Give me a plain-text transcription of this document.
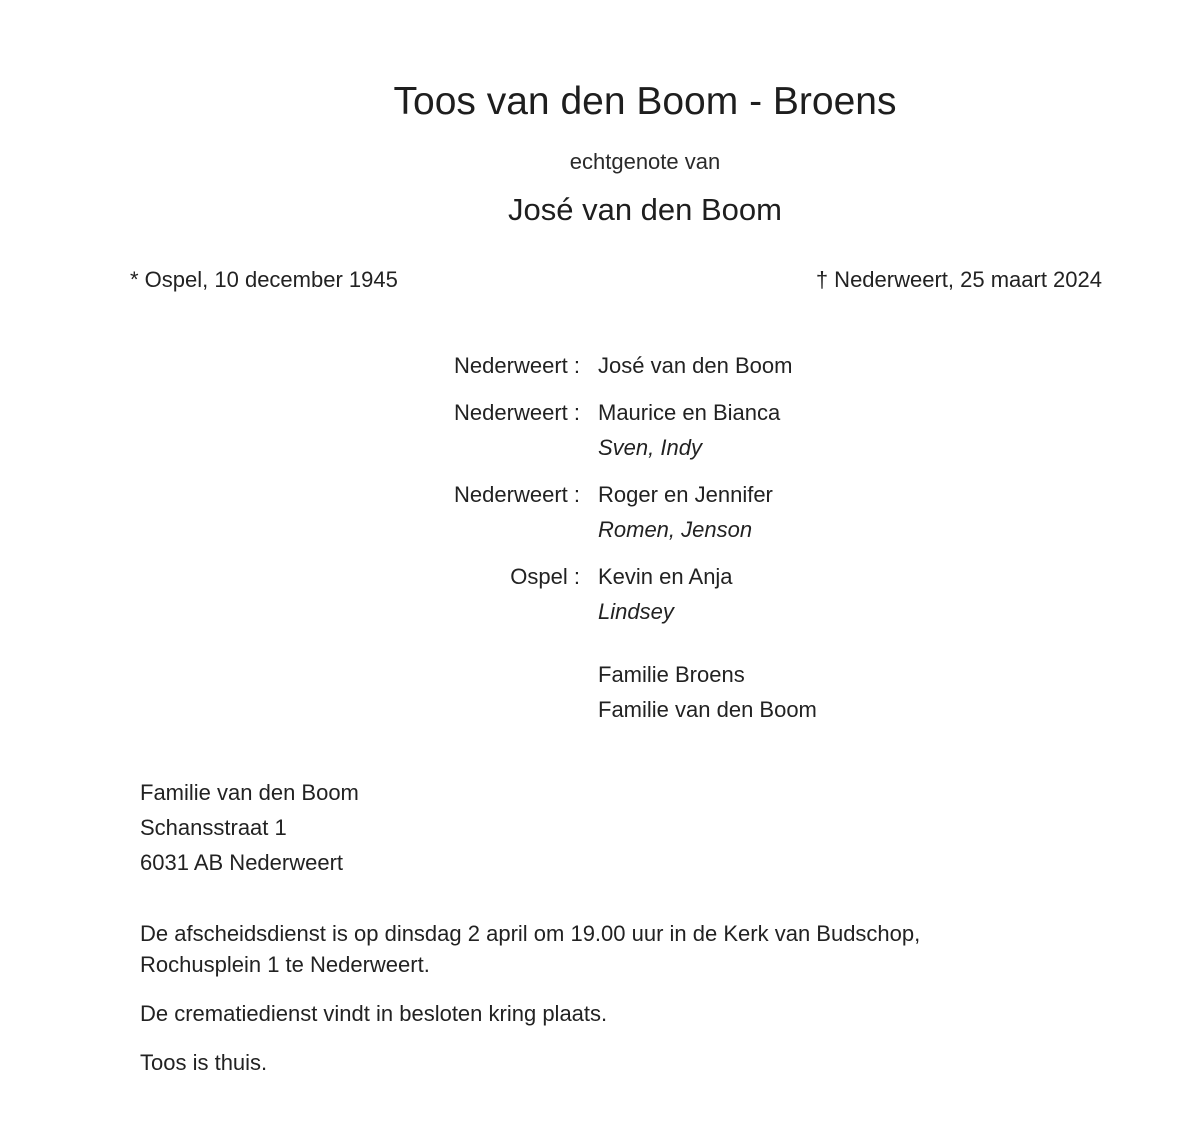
Toos van den Boom - Broens
echtgenote van
José van den Boom
* Ospel, 10 december 1945	† Nederweert, 25 maart 2024
Nederweert : José van den Boom
Nederweert : Maurice en Bianca
Sven, Indy
Nederweert : Roger en Jennifer
Romen, Jenson
Ospel : Kevin en Anja
Lindsey
Familie Broens
Familie van den Boom
Familie van den Boom
Schansstraat 1
6031 AB Nederweert

De afscheidsdienst is op dinsdag 2 april om 19.00 uur in de Kerk van Budschop,
Rochusplein 1 te Nederweert.

De crematiedienst vindt in besloten kring plaats.

Toos is thuis.
